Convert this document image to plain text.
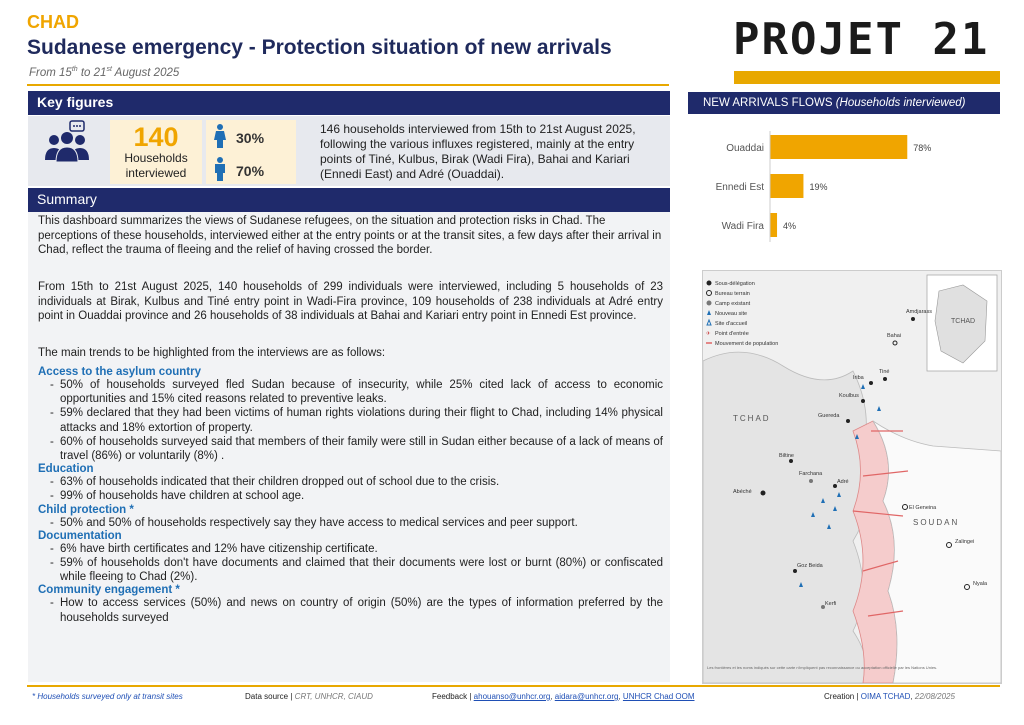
CHAD
Sudanese emergency - Protection situation of new arrivals
From 15th to 21st August 2025
PROJET 21
Key figures
140
Households interviewed
30%
70%
146 households interviewed from 15th to 21st August 2025, following the various influxes registered, mainly at the entry points of Tiné, Kulbus, Birak (Wadi Fira), Bahai and Kariari (Ennedi East) and Adré (Ouaddai).
Summary
This dashboard summarizes the views of Sudanese refugees, on the situation and protection risks in Chad. The perceptions of these households, interviewed either at the entry points or at the transit sites, a few days after their arrival in Chad, reflect the trauma of fleeing and the relief of having crossed the border.
From 15th to 21st August 2025, 140 households of 299 individuals were interviewed, including 5 households of 23 individuals at Birak, Kulbus and Tiné entry point in Wadi-Fira province, 109 households of 238 individuals at Adré entry point in Ouaddai province and 26 households of 38 individuals at Bahai and Kariari entry point in Ennedi Est province.
The main trends to be highlighted from the interviews are as follows:
Access to the asylum country
- 50% of households surveyed fled Sudan because of insecurity, while 25% cited lack of access to economic opportunities and 15% cited reasons related to preventive leaks.
- 59% declared that they had been victims of human rights violations during their flight to Chad, including 14% physical attacks and 18% extortion of property.
- 60% of households surveyed said that members of their family were still in Sudan either because of a lack of means of travel (86%) or voluntarily (8%) .
Education
- 63% of households indicated that their children dropped out of school due to the crisis.
- 99% of households have children at school age.
Child protection *
- 50% and 50% of households respectively say they have access to medical services and peer support.
Documentation
- 6% have birth certificates and 12% have citizenship certificate.
- 59% of households don't have documents and claimed that their documents were lost or burnt (80%) or confiscated while fleeing to Chad (2%).
Community engagement *
- How to access services (50%) and news on country of origin (50%) are the types of information preferred by the households surveyed
NEW ARRIVALS FLOWS (Households interviewed)
Ouaddai	78%
Ennedi Est	19%
Wadi Fira 4%
TCHAD
Sous-délégation
Bureau terrain
Camp existant
Nouveau site
Site d'accueil
✈ Point d'entrée
Mouvement de population
TCHAD
SOUDAN
Amdjarass
Iriba
Bahai
Guereda
Biltine
Abéché
Adré
Farchana
Goz Beida
Kerfi
El Geneina
Zalingei
Nyala
Koulbus
Tiné
Les frontières et les noms indiqués sur cette carte n'impliquent pas reconnaissance ou acceptation officielle par les Nations Unies.
* Households surveyed only at transit sites	Data source | CRT, UNHCR, CIAUD	Feedback | ahouanso@unhcr.org, aidara@unhcr.org, UNHCR Chad OOM	Creation | OIMA TCHAD, 22/08/2025
